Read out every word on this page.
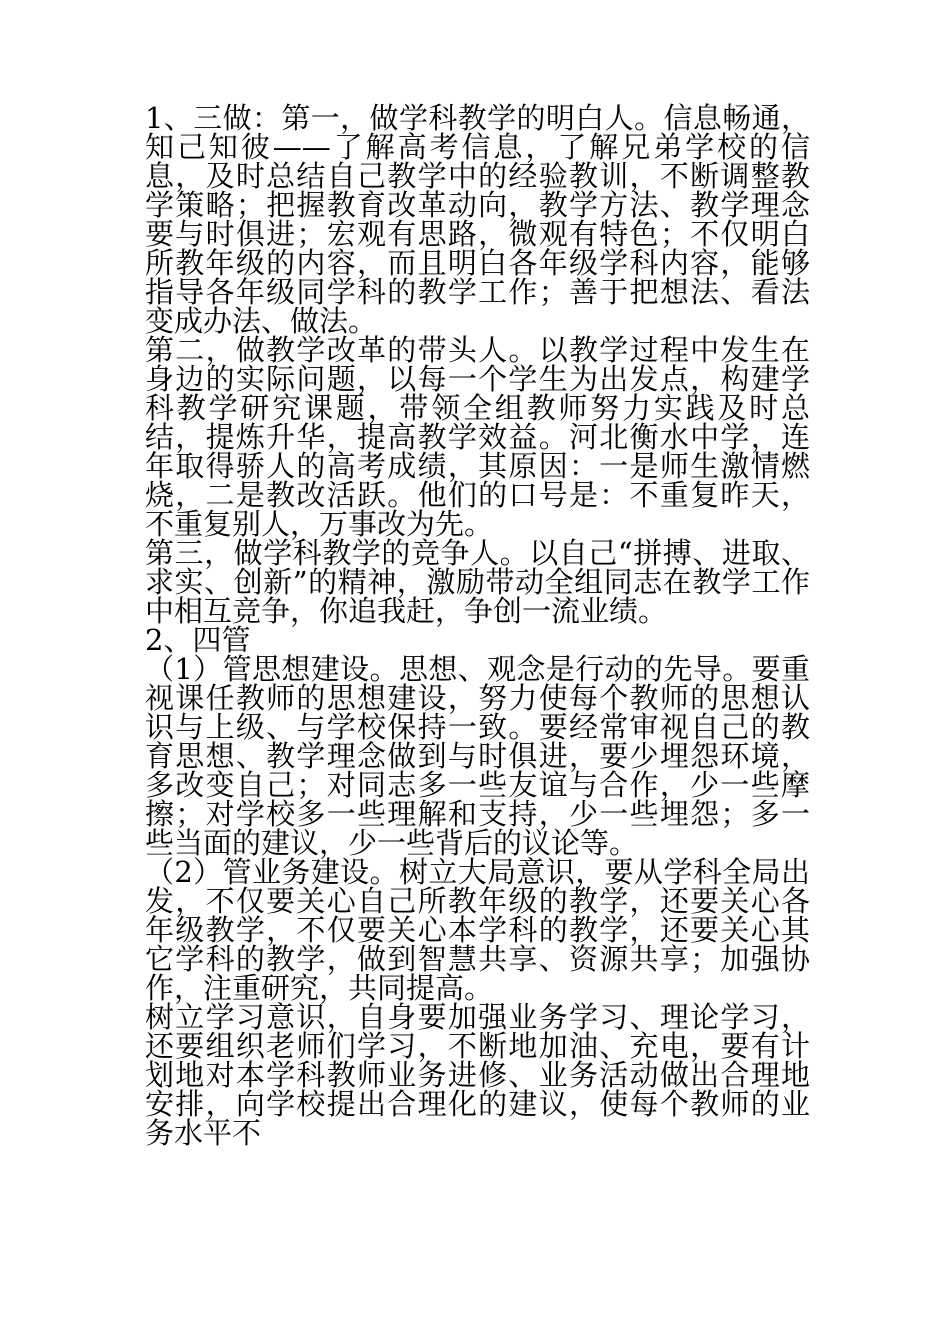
1、三做：第一，做学科教学的明白人。信息畅通，知己知彼——了解高考信息，了解兄弟学校的信息，及时总结自己教学中的经验教训，不断调整教学策略；把握教育改革动向，教学方法、教学理念要与时俱进；宏观有思路，微观有特色；不仅明白所教年级的内容，而且明白各年级学科内容，能够指导各年级同学科的教学工作；善于把想法、看法变成办法、做法。

第二，做教学改革的带头人。以教学过程中发生在身边的实际问题，以每一个学生为出发点，构建学科教学研究课题，带领全组教师努力实践及时总结，提炼升华，提高教学效益。河北衡水中学，连年取得骄人的高考成绩，其原因：一是师生激情燃烧，二是教改活跃。他们的口号是：不重复昨天，不重复别人，万事改为先。

第三，做学科教学的竞争人。以自己“拼搏、进取、求实、创新”的精神，激励带动全组同志在教学工作中相互竞争，你追我赶，争创一流业绩。

2、四管

（1）管思想建设。思想、观念是行动的先导。要重视课任教师的思想建设，努力使每个教师的思想认识与上级、与学校保持一致。要经常审视自己的教育思想、教学理念做到与时俱进，要少埋怨环境，多改变自己；对同志多一些友谊与合作，少一些摩擦；对学校多一些理解和支持，少一些埋怨；多一些当面的建议，少一些背后的议论等。

（2）管业务建设。树立大局意识，要从学科全局出发，不仅要关心自己所教年级的教学，还要关心各年级教学，不仅要关心本学科的教学，还要关心其它学科的教学，做到智慧共享、资源共享；加强协作，注重研究，共同提高。

树立学习意识，自身要加强业务学习、理论学习，还要组织老师们学习，不断地加油、充电，要有计划地对本学科教师业务进修、业务活动做出合理地安排，向学校提出合理化的建议，使每个教师的业务水平不
